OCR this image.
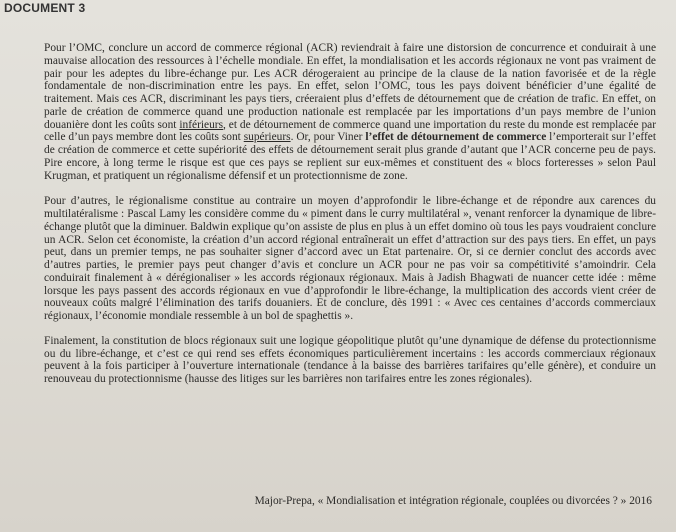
DOCUMENT 3

Pour l’OMC, conclure un accord de commerce régional (ACR) reviendrait à faire une distorsion de concurrence et conduirait à une mauvaise allocation des ressources à l’échelle mondiale. En effet, la mondialisation et les accords régionaux ne vont pas vraiment de pair pour les adeptes du libre-échange pur. Les ACR dérogeraient au principe de la clause de la nation favorisée et de la règle fondamentale de non-discrimination entre les pays. En effet, selon l’OMC, tous les pays doivent bénéficier d’une égalité de traitement. Mais ces ACR, discriminant les pays tiers, créeraient plus d’effets de détournement que de création de trafic. En effet, on parle de création de commerce quand une production nationale est remplacée par les importations d’un pays membre de l’union douanière dont les coûts sont inférieurs, et de détournement de commerce quand une importation du reste du monde est remplacée par celle d’un pays membre dont les coûts sont supérieurs. Or, pour Viner l’effet de détournement de commerce l’emporterait sur l’effet de création de commerce et cette supériorité des effets de détournement serait plus grande d’autant que l’ACR concerne peu de pays. Pire encore, à long terme le risque est que ces pays se replient sur eux-mêmes et constituent des « blocs forteresses » selon Paul Krugman, et pratiquent un régionalisme défensif et un protectionnisme de zone.

Pour d’autres, le régionalisme constitue au contraire un moyen d’approfondir le libre-échange et de répondre aux carences du multilatéralisme : Pascal Lamy les considère comme du « piment dans le curry multilatéral », venant renforcer la dynamique de libre-échange plutôt que la diminuer. Baldwin explique qu’on assiste de plus en plus à un effet domino où tous les pays voudraient conclure un ACR. Selon cet économiste, la création d’un accord régional entraînerait un effet d’attraction sur des pays tiers. En effet, un pays peut, dans un premier temps, ne pas souhaiter signer d’accord avec un Etat partenaire. Or, si ce dernier conclut des accords avec d’autres parties, le premier pays peut changer d’avis et conclure un ACR pour ne pas voir sa compétitivité s’amoindrir. Cela conduirait finalement à « dérégionaliser » les accords régionaux régionaux. Mais à Jadish Bhagwati de nuancer cette idée : même lorsque les pays passent des accords régionaux en vue d’approfondir le libre-échange, la multiplication des accords vient créer de nouveaux coûts malgré l’élimination des tarifs douaniers. Et de conclure, dès 1991 : « Avec ces centaines d’accords commerciaux régionaux, l’économie mondiale ressemble à un bol de spaghettis ».

Finalement, la constitution de blocs régionaux suit une logique géopolitique plutôt qu’une dynamique de défense du protectionnisme ou du libre-échange, et c’est ce qui rend ses effets économiques particulièrement incertains : les accords commerciaux régionaux peuvent à la fois participer à l’ouverture internationale (tendance à la baisse des barrières tarifaires qu’elle génère), et conduire un renouveau du protectionnisme (hausse des litiges sur les barrières non tarifaires entre les zones régionales).

Major-Prepa, « Mondialisation et intégration régionale, couplées ou divorcées ? » 2016
